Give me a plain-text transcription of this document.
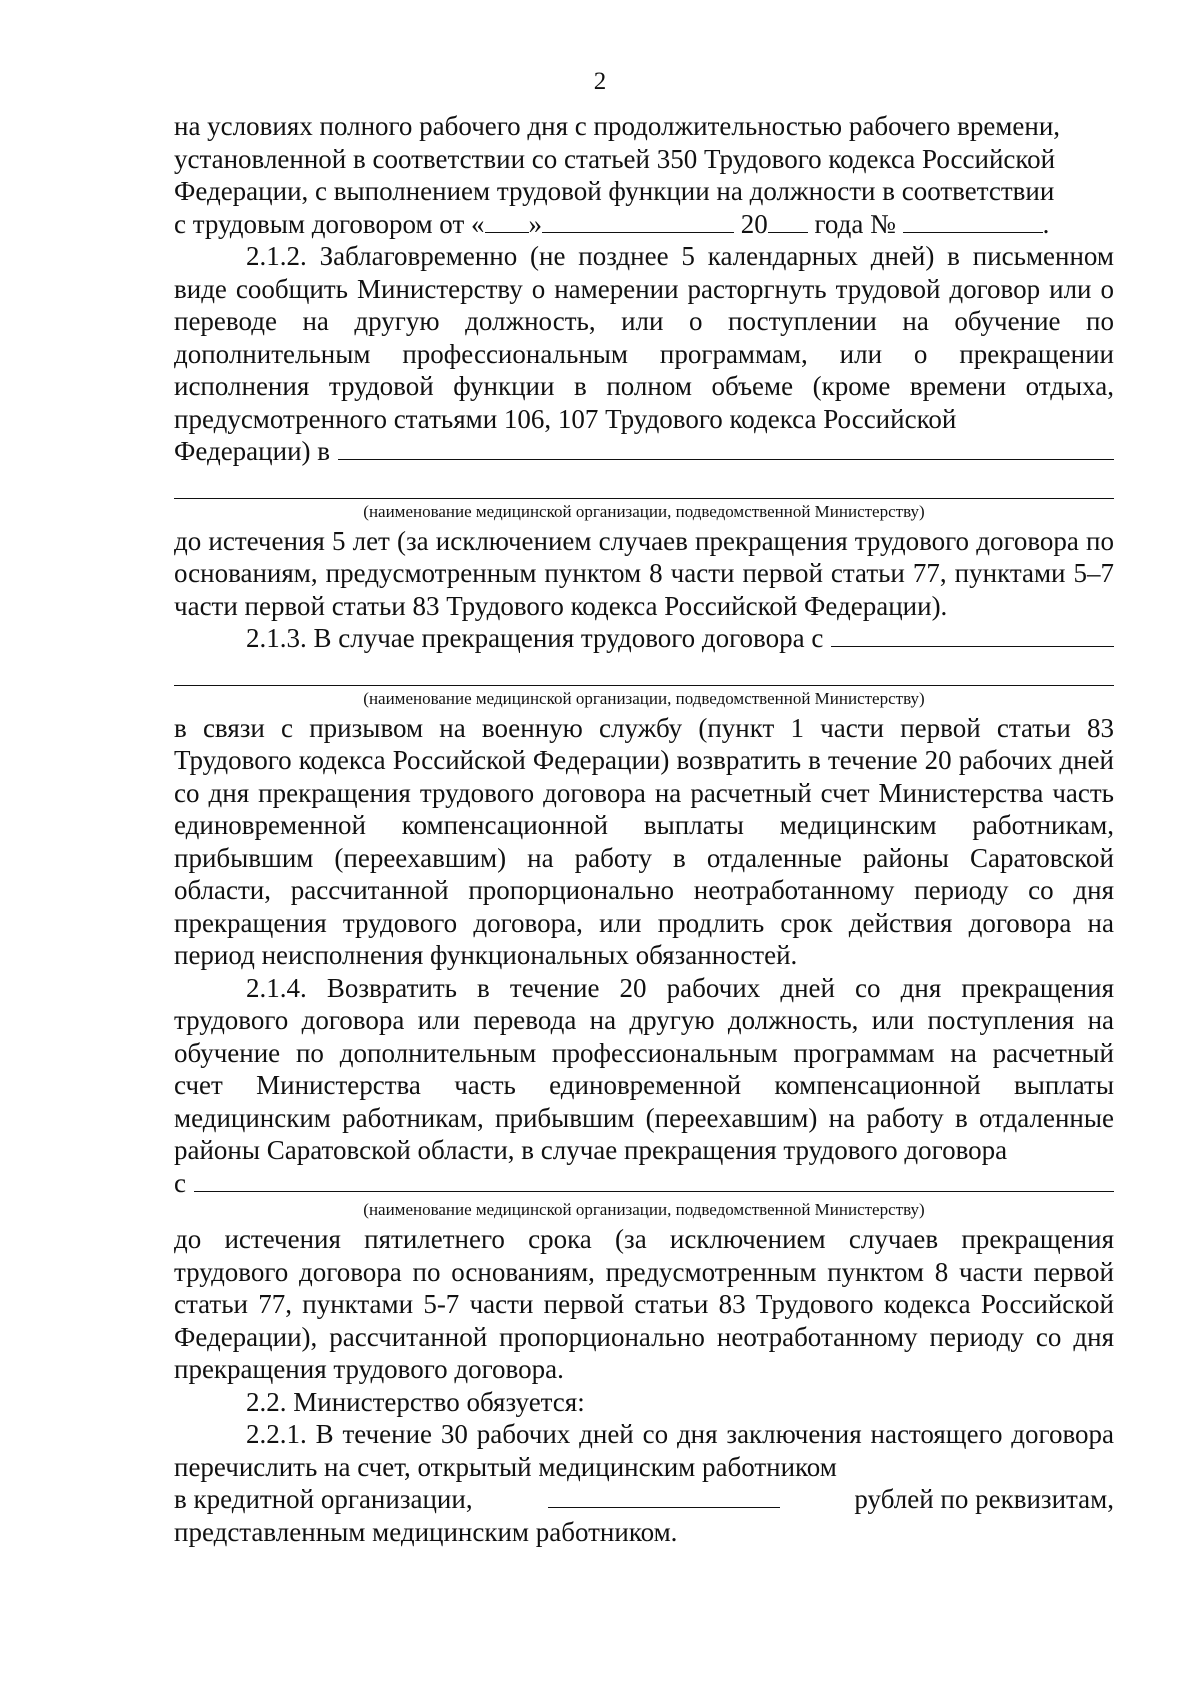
2

на условиях полного рабочего дня с продолжительностью рабочего времени,
установленной в соответствии со статьей 350 Трудового кодекса Российской
Федерации, с выполнением трудовой функции на должности в соответствии
с трудовым договором от « »	20 года №	.

2.1.2. Заблаговременно (не позднее 5 календарных дней) в письменном виде сообщить Министерству о намерении расторгнуть трудовой договор или о переводе на другую должность, или о поступлении на обучение по дополнительным профессиональным программам, или о прекращении исполнения трудовой функции в полном объеме (кроме времени отдыха, предусмотренного статьями 106, 107 Трудового кодекса Российской

Федерации) в
(наименование медицинской организации, подведомственной Министерству)

до истечения 5 лет (за исключением случаев прекращения трудового договора по основаниям, предусмотренным пунктом 8 части первой статьи 77, пунктами 5–7 части первой статьи 83 Трудового кодекса Российской Федерации).

2.1.3. В случае прекращения трудового договора с
(наименование медицинской организации, подведомственной Министерству)

в связи с призывом на военную службу (пункт 1 части первой статьи 83 Трудового кодекса Российской Федерации) возвратить в течение 20 рабочих дней со дня прекращения трудового договора на расчетный счет Министерства часть единовременной компенсационной выплаты медицинским работникам, прибывшим (переехавшим) на работу в отдаленные районы Саратовской области, рассчитанной пропорционально неотработанному периоду со дня прекращения трудового договора, или продлить срок действия договора на период неисполнения функциональных обязанностей.

2.1.4. Возвратить в течение 20 рабочих дней со дня прекращения трудового договора или перевода на другую должность, или поступления на обучение по дополнительным профессиональным программам на расчетный счет Министерства часть единовременной компенсационной выплаты медицинским работникам, прибывшим (переехавшим) на работу в отдаленные районы Саратовской области, в случае прекращения трудового договора

с
(наименование медицинской организации, подведомственной Министерству)

до истечения пятилетнего срока (за исключением случаев прекращения трудового договора по основаниям, предусмотренным пунктом 8 части первой статьи 77, пунктами 5-7 части первой статьи 83 Трудового кодекса Российской Федерации), рассчитанной пропорционально неотработанному периоду со дня прекращения трудового договора.

2.2. Министерство обязуется:

2.2.1. В течение 30 рабочих дней со дня заключения настоящего договора перечислить на счет, открытый медицинским работником

в кредитной организации,	рублей по реквизитам,

представленным медицинским работником.
